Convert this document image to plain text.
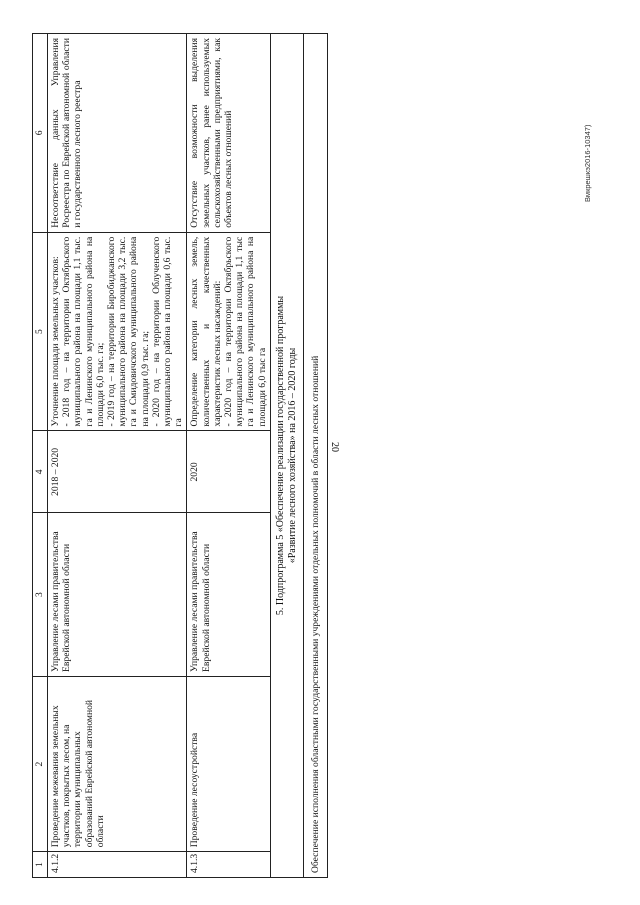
Вмкрешкэ2016-10347)
20
1	2	3	4	5	6
4.1.2	Проведение межевания земельных участков, покрытых лесом, на территории муниципальных образований Еврейской автономной области	Управление лесами правительства Еврейской автономной области	2018 – 2020	Уточнение площади земельных участков: - 2018 год – на территории Октябрьского муниципального района на площади 1,1 тыс. га и Ленинского муниципального района на площади 6,0 тыс. га; - 2019 год – на территории Биробиджанского муниципального района на площади 3,2 тыс. га и Смидовичского муниципального района на площади 0,9 тыс. га; - 2020 год – на территории Облученского муниципального района на площади 0,6 тыс. га	Несоответствие данных Управления Росреестра по Еврейской автономной области и государственного лесного реестра
4.1.3	Проведение лесоустройства	Управление лесами правительства Еврейской автономной области	2020	Определение категории лесных земель, количественных и качественных характеристик лесных насаждений: - 2020 год – на территории Октябрьского муниципального района на площади 1,1 тыс га и Ленинского муниципального района на площади 6,0 тыс га	Отсутствие возможности выделения земельных участков, ранее используемых сельскохозяйственными предприятиями, как объектов лесных отношений

5. Подпрограмма 5 «Обеспечение реализации государственной программы «Развитие лесного хозяйства» на 2016 – 2020 годы					

Обеспечение исполнения областными государственными учреждениями отдельных полномочий в области лесных отношений					
